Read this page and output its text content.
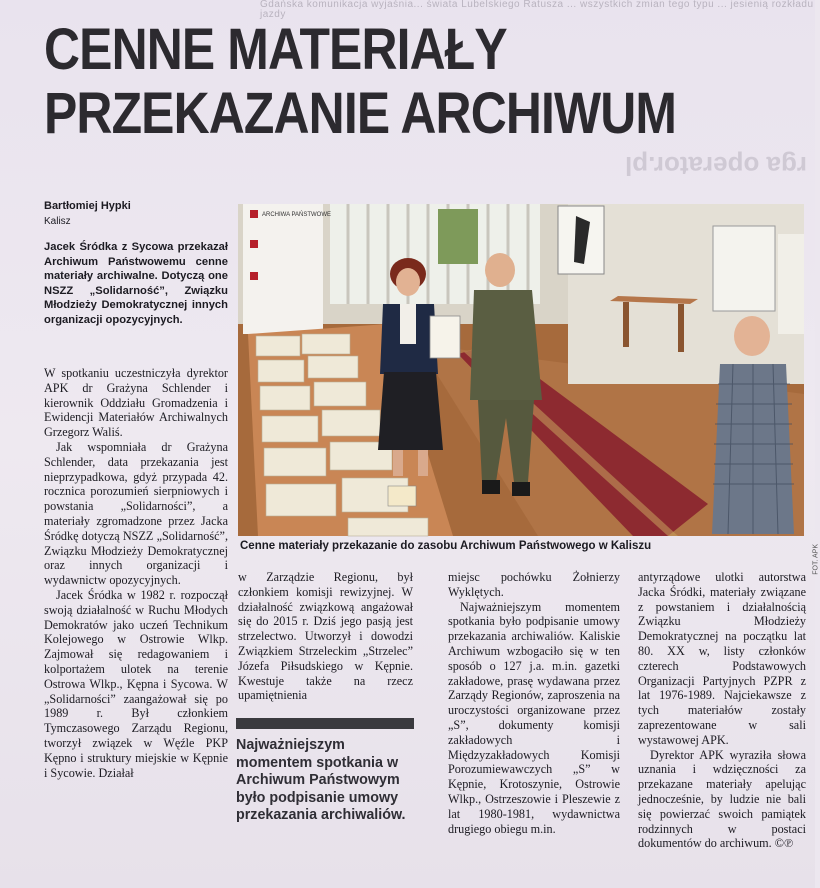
Gdańska komunikacja wyjaśnia... świata Lubelskiego Ratusza ... wszystkich zmian tego typu ... jesienią rozkładu jazdy
rga operator.pl
CENNE MATERIAŁY
PRZEKAZANIE ARCHIWUM
Bartłomiej Hypki
Kalisz

Jacek Śródka z Sycowa przekazał Archiwum Państwowemu cenne materiały archiwalne. Dotyczą one NSZZ „Solidarność”, Związku Młodzieży Demokratycznej innych organizacji opozycyjnych.

ARCHIWA PAŃSTWOWE
FOT. APK
Cenne materiały przekazanie do zasobu Archiwum Państwowego w Kaliszu

W spotkaniu uczestniczyła dyrektor APK dr Grażyna Schlender i kierownik Oddziału Gromadzenia i Ewidencji Materiałów Archiwalnych Grzegorz Waliś.

Jak wspomniała dr Grażyna Schlender, data przekazania jest nieprzypadkowa, gdyż przypada 42. rocznica porozumień sierpniowych i powstania „Solidarności”, a materiały zgromadzone przez Jacka Śródkę dotyczą NSZZ „Solidarność”, Związku Młodzieży Demokratycznej oraz innych organizacji i wydawnictw opozycyjnych.

Jacek Śródka w 1982 r. rozpoczął swoją działalność w Ruchu Młodych Demokratów jako uczeń Technikum Kolejowego w Ostrowie Wlkp. Zajmował się redagowaniem i kolportażem ulotek na terenie Ostrowa Wlkp., Kępna i Sycowa. W „Solidarności” zaangażował się po 1989 r. Był członkiem Tymczasowego Zarządu Regionu, tworzył związek w Węźle PKP Kępno i struktury miejskie w Kępnie i Sycowie. Działał

w Zarządzie Regionu, był członkiem komisji rewizyjnej. W działalność związkową angażował się do 2015 r. Dziś jego pasją jest strzelectwo. Utworzył i dowodzi Związkiem Strzeleckim „Strzelec” Józefa Piłsudskiego w Kępnie. Kwestuje także na rzecz upamiętnienia

Najważniejszym momentem spotkania w Archiwum Państwowym było podpisanie umowy przekazania archiwaliów.

miejsc pochówku Żołnierzy Wyklętych.

Najważniejszym momentem spotkania było podpisanie umowy przekazania archiwaliów. Kaliskie Archiwum wzbogaciło się w ten sposób o 127 j.a. m.in. gazetki zakładowe, prasę wydawana przez Zarządy Regionów, zaproszenia na uroczystości organizowane przez „S”, dokumenty komisji zakładowych i Międzyzakładowych Komisji Porozumiewawczych „S” w Kępnie, Krotoszynie, Ostrowie Wlkp., Ostrzeszowie i Pleszewie z lat 1980-1981, wydawnictwa drugiego obiegu m.in.

antyrządowe ulotki autorstwa Jacka Śródki, materiały związane z powstaniem i działalnością Związku Młodzieży Demokratycznej na początku lat 80. XX w, listy członków czterech Podstawowych Organizacji Partyjnych PZPR z lat 1976-1989. Najciekawsze z tych materiałów zostały zaprezentowane w sali wystawowej APK.

Dyrektor APK wyraziła słowa uznania i wdzięczności za przekazane materiały apelując jednocześnie, by ludzie nie bali się powierzać swoich pamiątek rodzinnych w postaci dokumentów do archiwum. ©℗
